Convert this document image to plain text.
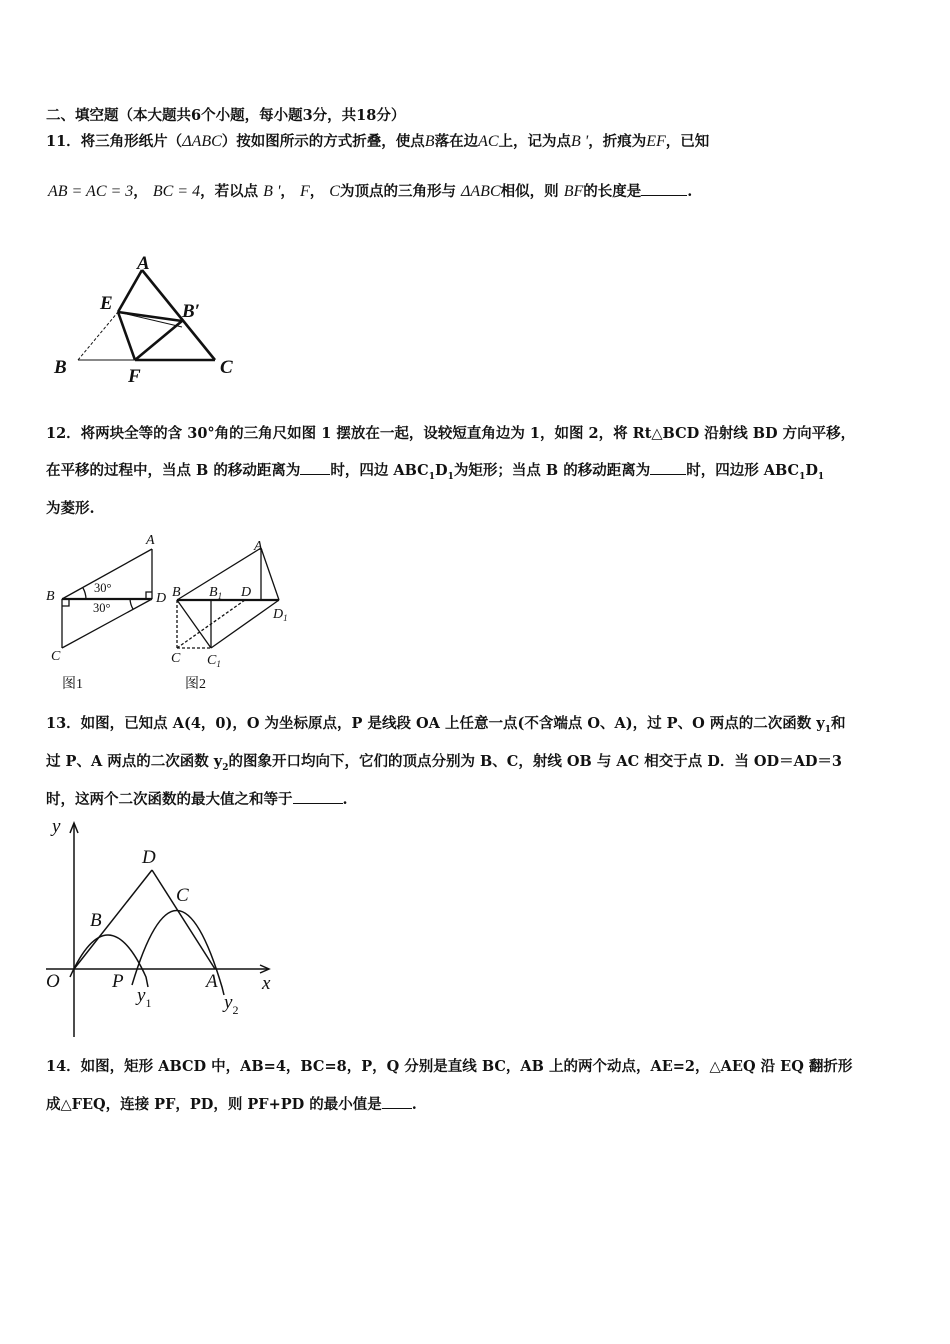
二、填空题（本大题共6个小题，每小题3分，共18分）
11．将三角形纸片（ΔABC）按如图所示的方式折叠，使点B落在边AC上，记为点B '，折痕为EF，已知
AB = AC = 3， BC = 4，若以点 B '， F， C为顶点的三角形与 ΔABC相似，则 BF的长度是	.
A
E	B′
B	F	C
12．将两块全等的含 30°角的三角尺如图 1 摆放在一起，设较短直角边为 1，如图 2，将 Rt△BCD 沿射线 BD 方向平移，
在平移的过程中，当点 B 的移动距离为 时，四边 $ABC_1D_1$为矩形；当点 B 的移动距离为 时，四边形 $ABC_1D_1$
为菱形.
A
B	D
C
30°
30°
图1
A
B $B_1$ D
$D_1$
C $C_1$
图2
13．如图，已知点 A(4，0)，O 为坐标原点，P 是线段 OA 上任意一点(不含端点 O、A)，过 P、O 两点的二次函数 $y_1$和
过 P、A 两点的二次函数 $y_2$的图象开口均向下，它们的顶点分别为 B、C，射线 OB 与 AC 相交于点 D．当 OD＝AD＝3
时，这两个二次函数的最大值之和等于	.
y
x
O	P	A
B
C
D
$y_1$	$y_2$
14．如图，矩形 ABCD 中，AB=4，BC=8，P，Q 分别是直线 BC，AB 上的两个动点，AE=2，△AEQ 沿 EQ 翻折形
成△FEQ，连接 PF，PD，则 PF+PD 的最小值是 .
